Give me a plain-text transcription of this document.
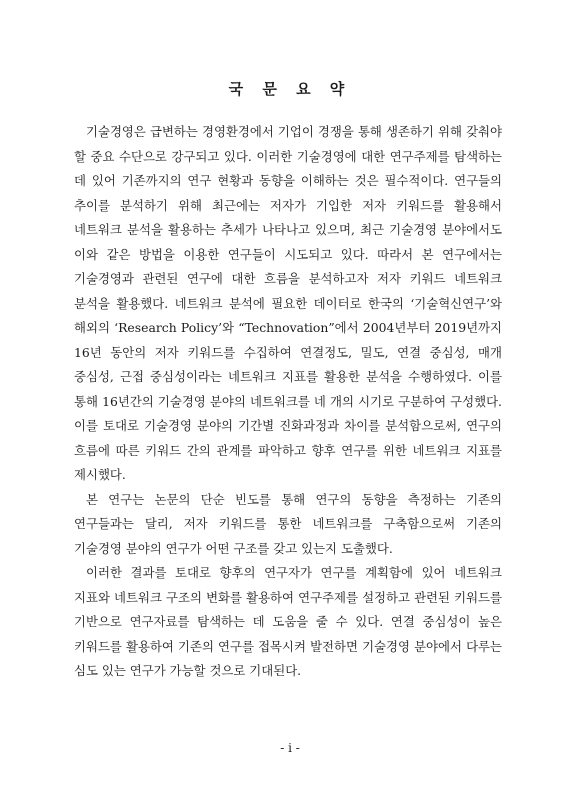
국 문 요 약

기술경영은 급변하는 경영환경에서 기업이 경쟁을 통해 생존하기 위해 갖춰야 할 중요 수단으로 강구되고 있다. 이러한 기술경영에 대한 연구주제를 탐색하는 데 있어 기존까지의 연구 현황과 동향을 이해하는 것은 필수적이다. 연구들의 추이를 분석하기 위해 최근에는 저자가 기입한 저자 키워드를 활용해서 네트워크 분석을 활용하는 추세가 나타나고 있으며, 최근 기술경영 분야에서도 이와 같은 방법을 이용한 연구들이 시도되고 있다. 따라서 본 연구에서는 기술경영과 관련된 연구에 대한 흐름을 분석하고자 저자 키워드 네트워크 분석을 활용했다. 네트워크 분석에 필요한 데이터로 한국의 ‘기술혁신연구’와 해외의 ‘Research Policy’와 “Technovation”에서 2004년부터 2019년까지 16년 동안의 저자 키워드를 수집하여 연결정도, 밀도, 연결 중심성, 매개 중심성, 근접 중심성이라는 네트워크 지표를 활용한 분석을 수행하였다. 이를 통해 16년간의 기술경영 분야의 네트워크를 네 개의 시기로 구분하여 구성했다. 이를 토대로 기술경영 분야의 기간별 진화과정과 차이를 분석함으로써, 연구의 흐름에 따른 키워드 간의 관계를 파악하고 향후 연구를 위한 네트워크 지표를 제시했다.

본 연구는 논문의 단순 빈도를 통해 연구의 동향을 측정하는 기존의 연구들과는 달리, 저자 키워드를 통한 네트워크를 구축함으로써 기존의 기술경영 분야의 연구가 어떤 구조를 갖고 있는지 도출했다.

이러한 결과를 토대로 향후의 연구자가 연구를 계획함에 있어 네트워크 지표와 네트워크 구조의 변화를 활용하여 연구주제를 설정하고 관련된 키워드를 기반으로 연구자료를 탐색하는 데 도움을 줄 수 있다. 연결 중심성이 높은 키워드를 활용하여 기존의 연구를 접목시켜 발전하면 기술경영 분야에서 다루는 심도 있는 연구가 가능할 것으로 기대된다.

- i -
